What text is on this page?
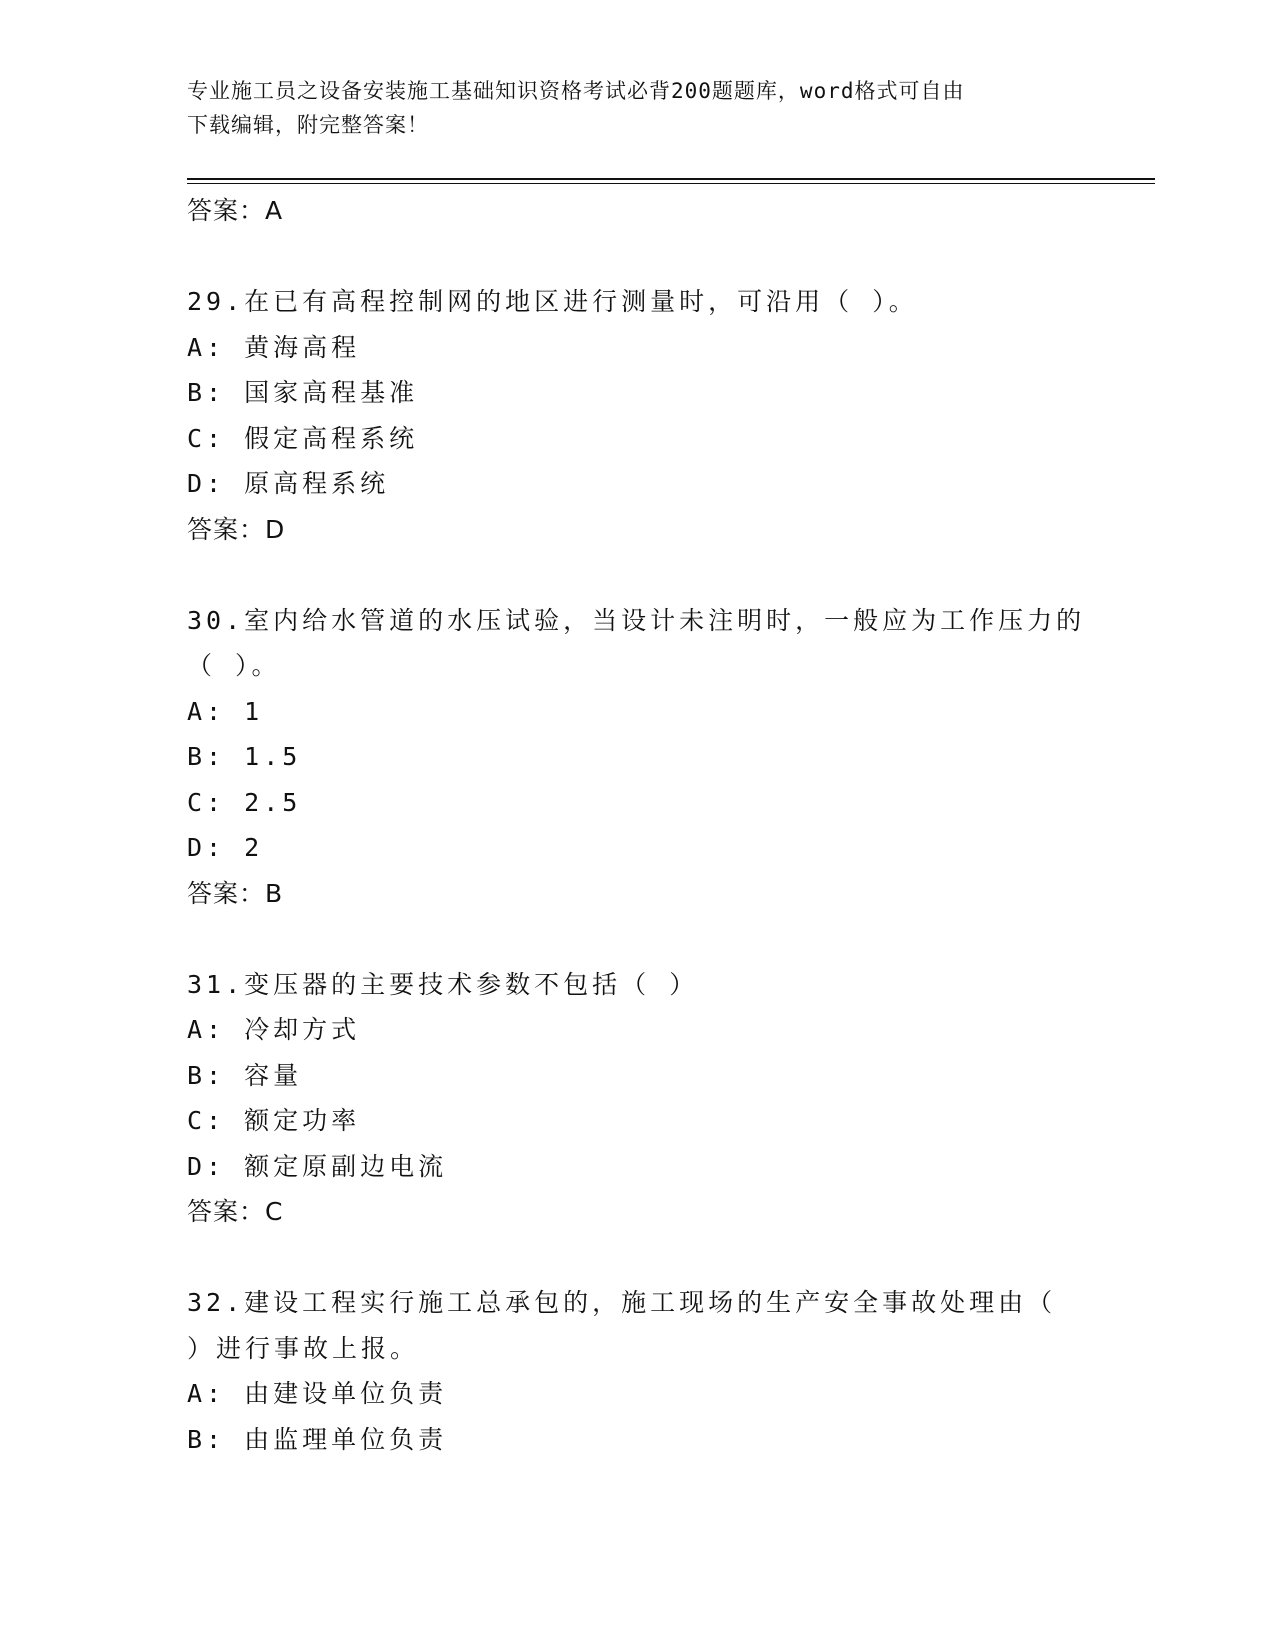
专业施工员之设备安装施工基础知识资格考试必背200题题库，word格式可自由
下载编辑，附完整答案！
答案：A
29.在已有高程控制网的地区进行测量时，可沿用（ ）。
A: 黄海高程
B: 国家高程基准
C: 假定高程系统
D: 原高程系统
答案：D
30.室内给水管道的水压试验，当设计未注明时，一般应为工作压力的
（ ）。
A: 1
B: 1.5
C: 2.5
D: 2
答案：B
31.变压器的主要技术参数不包括（ ）
A: 冷却方式
B: 容量
C: 额定功率
D: 额定原副边电流
答案：C
32.建设工程实行施工总承包的，施工现场的生产安全事故处理由（
）进行事故上报。
A: 由建设单位负责
B: 由监理单位负责
